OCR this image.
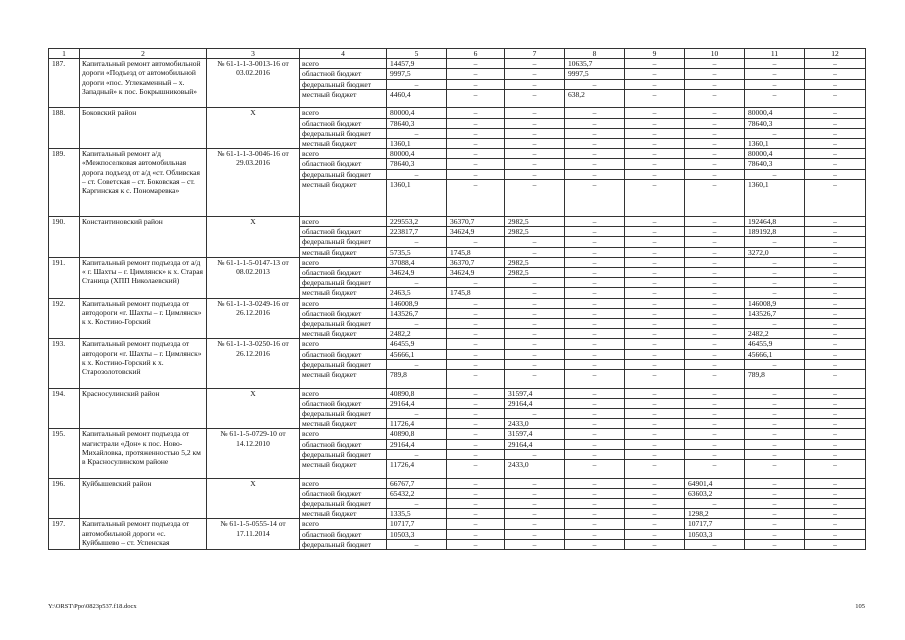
1	2	3	4	5	6	7	8	9	10	11	12
187.	Капитальный ремонт автомобильной дороги «Подъезд от автомобильной дороги «пос. Углекаменный – х. Западный» к пос. Бокрышниковый»	№ 61-1-1-3-0013-16 от 03.02.2016	всего	14457,9	–	–	10635,7	–	–	–	–
			областной бюджет	9997,5	–	–	9997,5	–	–	–	–
			федеральный бюджет	–	–	–	–	–	–	–	–
			местный бюджет	4460,4	–	–	638,2	–	–	–	–

188.	Боковский район	Х	всего	80000,4	–	–	–	–	–	80000,4	–
			областной бюджет	78640,3	–	–	–	–	–	78640,3	–
			федеральный бюджет	–	–	–	–	–	–	–	–
			местный бюджет	1360,1	–	–	–	–	–	1360,1	–
189.	Капитальный ремонт а/д «Межпоселковая автомобильная дорога подъезд от а/д «ст. Обливская – ст. Советская – ст. Боковская – ст. Каргинская к с. Пономаревка»	№ 61-1-1-3-0046-16 от 29.03.2016	всего	80000,4	–	–	–	–	–	80000,4	–
			областной бюджет	78640,3	–	–	–	–	–	78640,3	–
			федеральный бюджет	–	–	–	–	–	–	–	–
			местный бюджет	1360,1	–	–	–	–	–	1360,1	–

190.	Константиновский район	Х	всего	229553,2	36370,7	2982,5	–	–	–	192464,8	–
			областной бюджет	223817,7	34624,9	2982,5	–	–	–	189192,8	–
			федеральный бюджет	–	–	–	–	–	–	–	–
			местный бюджет	5735,5	1745,8	–	–	–	–	3272,0	–
191.	Капитальный ремонт подъезда от а/д « г. Шахты – г. Цимлянск» к х. Старая Станица (ХПП Николаевский)	№ 61-1-1-5-0147-13 от 08.02.2013	всего	37088,4	36370,7	2982,5	–	–	–	–	–
			областной бюджет	34624,9	34624,9	2982,5	–	–	–	–	–
			федеральный бюджет	–	–	–	–	–	–	–	–
			местный бюджет	2463,5	1745,8	–	–	–	–	–	–
192.	Капитальный ремонт подъезда от автодороги «г. Шахты – г. Цимлянск» к х. Костино-Горский	№ 61-1-1-3-0249-16 от 26.12.2016	всего	146008,9	–	–	–	–	–	146008,9	–
			областной бюджет	143526,7	–	–	–	–	–	143526,7	–
			федеральный бюджет	–	–	–	–	–	–	–	–
			местный бюджет	2482,2	–	–	–	–	–	2482,2	–
193.	Капитальный ремонт подъезда от автодороги «г. Шахты – г. Цимлянск» к х. Костино-Горский к х. Старозолотовский	№ 61-1-1-3-0250-16 от 26.12.2016	всего	46455,9	–	–	–	–	–	46455,9	–
			областной бюджет	45666,1	–	–	–	–	–	45666,1	–
			федеральный бюджет	–	–	–	–	–	–	–	–
			местный бюджет	789,8	–	–	–	–	–	789,8	–

194.	Красносулинский район	Х	всего	40890,8	–	31597,4	–	–	–	–	–
			областной бюджет	29164,4	–	29164,4	–	–	–	–	–
			федеральный бюджет	–	–	–	–	–	–	–	–
			местный бюджет	11726,4	–	2433,0	–	–	–	–	–
195.	Капитальный ремонт подъезда от магистрали «Дон» к пос. Ново-Михайловка, протяженностью 5,2 км в Красносулинском районе	№ 61-1-5-0729-10 от 14.12.2010	всего	40890,8	–	31597,4	–	–	–	–	–
			областной бюджет	29164,4	–	29164,4	–	–	–	–	–
			федеральный бюджет	–	–	–	–	–	–	–	–
			местный бюджет	11726,4	–	2433,0	–	–	–	–	–

196.	Куйбышевский район	Х	всего	66767,7	–	–	–	–	64901,4	–	–
			областной бюджет	65432,2	–	–	–	–	63603,2	–	–
			федеральный бюджет	–	–	–	–	–	–	–	–
			местный бюджет	1335,5	–	–	–	–	1298,2	–	–
197.	Капитальный ремонт подъезда от автомобильной дороги «с. Куйбышево – ст. Успенская	№ 61-1-5-0555-14 от 17.11.2014	всего	10717,7	–	–	–	–	10717,7	–	–
			областной бюджет	10503,3	–	–	–	–	10503,3	–	–
			федеральный бюджет	–	–	–	–	–	–	–	–
Y:\ORST\Ppo\0823p537.f18.docx	105
